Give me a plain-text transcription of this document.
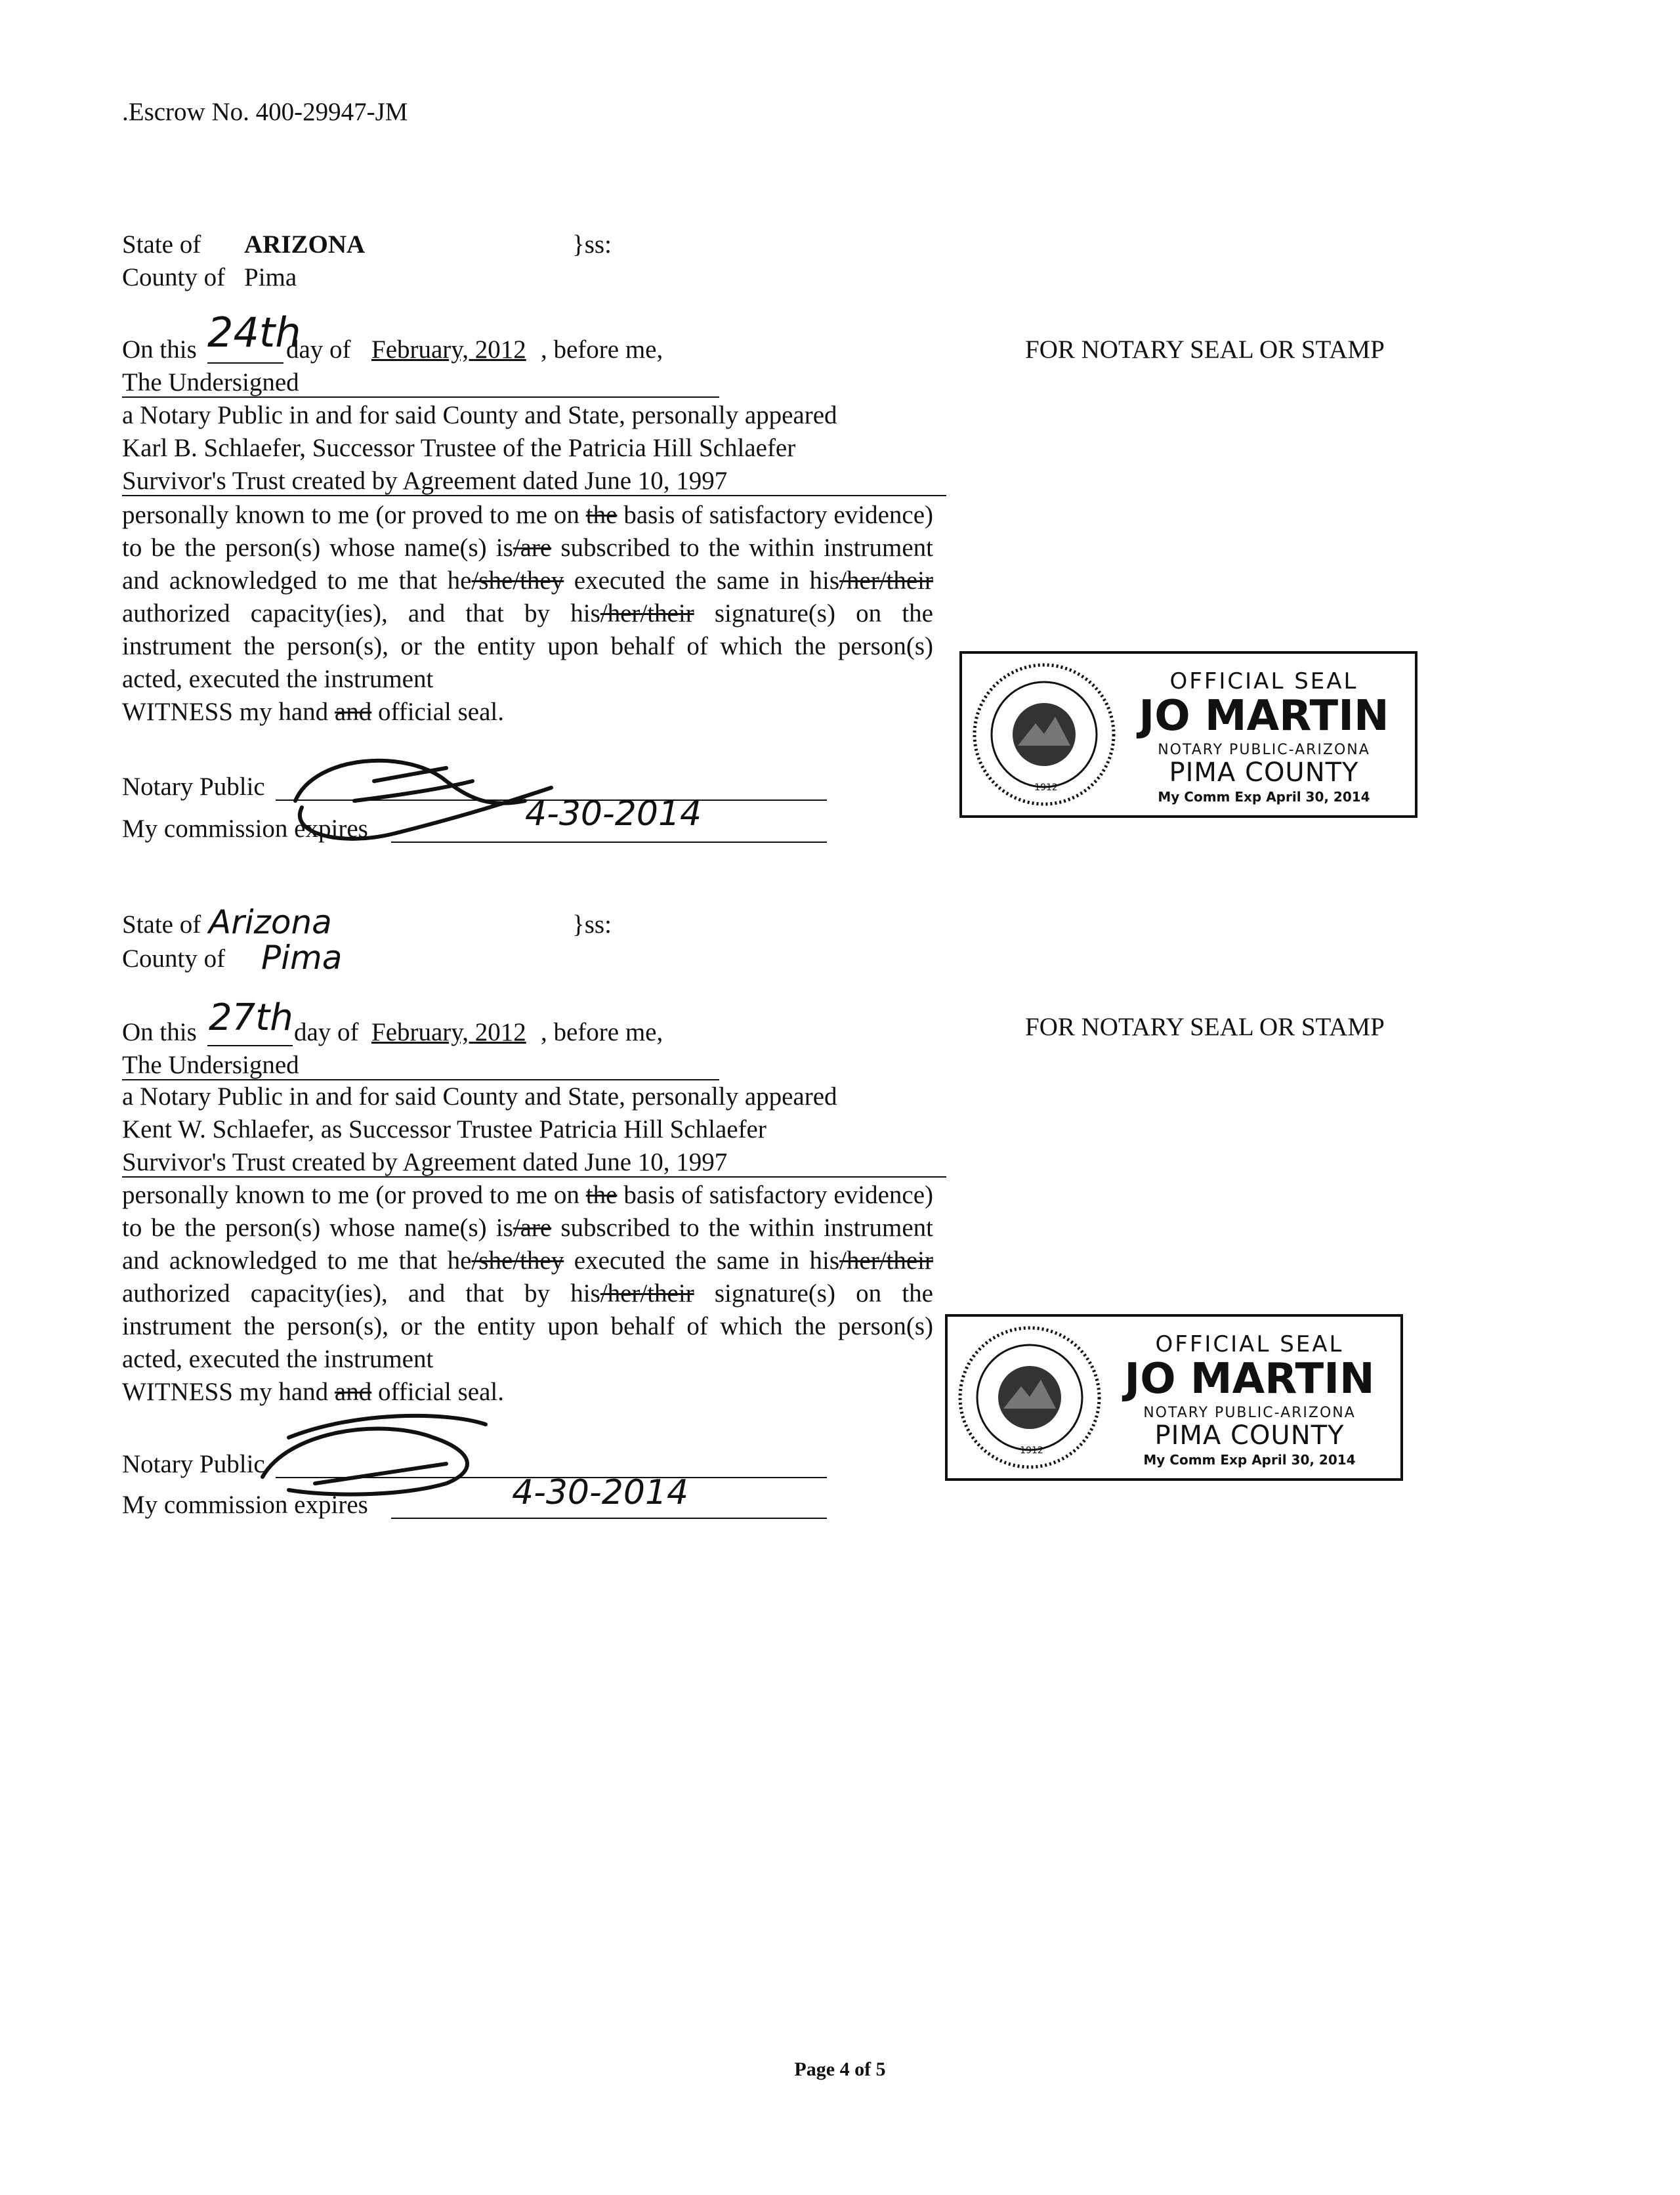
.Escrow No. 400-29947-JM
State of ARIZONA	}ss:
County of Pima
On this 24th
day of February, 2012 , before me,	FOR NOTARY SEAL OR STAMP
The Undersigned
a Notary Public in and for said County and State, personally appeared
Karl B. Schlaefer, Successor Trustee of the Patricia Hill Schlaefer
Survivor's Trust created by Agreement dated June 10, 1997
personally known to me (or proved to me on the basis of satisfactory evidence) to be the person(s) whose name(s) is/are subscribed to the within instrument and acknowledged to me that he/she/they executed the same in his/her/their authorized capacity(ies), and that by his/her/their signature(s) on the instrument the person(s), or the entity upon behalf of which the person(s) acted, executed the instrument
WITNESS my hand and official seal.
Notary Public
My commission expires	4-30-2014
OFFICIAL SEAL
JO MARTIN
NOTARY PUBLIC-ARIZONA
PIMA COUNTY
My Comm Exp April 30, 2014
1912
State of Arizona	}ss:
County of Pima
On this 27th day of February, 2012 , before me,	FOR NOTARY SEAL OR STAMP
The Undersigned
a Notary Public in and for said County and State, personally appeared
Kent W. Schlaefer, as Successor Trustee Patricia Hill Schlaefer
Survivor's Trust created by Agreement dated June 10, 1997
personally known to me (or proved to me on the basis of satisfactory evidence) to be the person(s) whose name(s) is/are subscribed to the within instrument and acknowledged to me that he/she/they executed the same in his/her/their authorized capacity(ies), and that by his/her/their signature(s) on the instrument the person(s), or the entity upon behalf of which the person(s) acted, executed the instrument
WITNESS my hand and official seal.
Notary Public
My commission expires	4-30-2014
OFFICIAL SEAL
JO MARTIN
NOTARY PUBLIC-ARIZONA
PIMA COUNTY
My Comm Exp April 30, 2014
1912
Page 4 of 5
